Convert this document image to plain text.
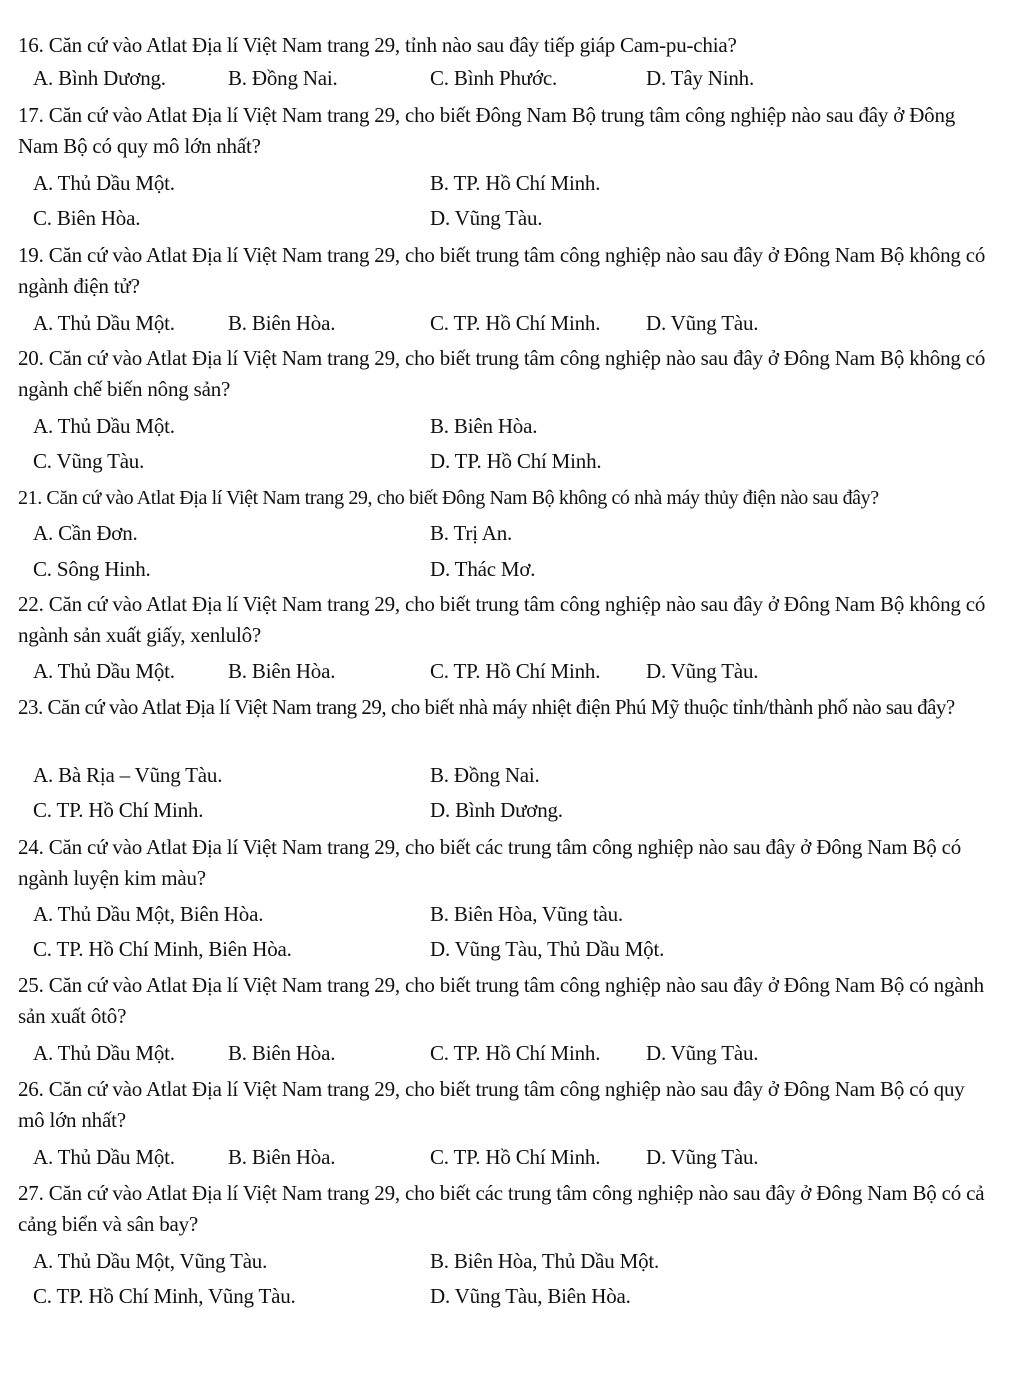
16. Căn cứ vào Atlat Địa lí Việt Nam trang 29, tỉnh nào sau đây tiếp giáp Cam-pu-chia?

A. Bình Dương.	B. Đồng Nai.	C. Bình Phước.	D. Tây Ninh.

17. Căn cứ vào Atlat Địa lí Việt Nam trang 29, cho biết Đông Nam Bộ trung tâm công nghiệp nào sau đây ở Đông Nam Bộ có quy mô lớn nhất?

A. Thủ Dầu Một.	B. TP. Hồ Chí Minh.
C. Biên Hòa.	D. Vũng Tàu.

19. Căn cứ vào Atlat Địa lí Việt Nam trang 29, cho biết trung tâm công nghiệp nào sau đây ở Đông Nam Bộ không có ngành điện tử?

A. Thủ Dầu Một.	B. Biên Hòa.	C. TP. Hồ Chí Minh. D. Vũng Tàu.

20. Căn cứ vào Atlat Địa lí Việt Nam trang 29, cho biết trung tâm công nghiệp nào sau đây ở Đông Nam Bộ không có ngành chế biến nông sản?

A. Thủ Dầu Một.	B. Biên Hòa.
C. Vũng Tàu.	D. TP. Hồ Chí Minh.

21. Căn cứ vào Atlat Địa lí Việt Nam trang 29, cho biết Đông Nam Bộ không có nhà máy thủy điện nào sau đây?

A. Cần Đơn.	B. Trị An.
C. Sông Hinh.	D. Thác Mơ.

22. Căn cứ vào Atlat Địa lí Việt Nam trang 29, cho biết trung tâm công nghiệp nào sau đây ở Đông Nam Bộ không có ngành sản xuất giấy, xenlulô?

A. Thủ Dầu Một.	B. Biên Hòa.	C. TP. Hồ Chí Minh. D. Vũng Tàu.

23. Căn cứ vào Atlat Địa lí Việt Nam trang 29, cho biết nhà máy nhiệt điện Phú Mỹ thuộc tỉnh/thành phố nào sau đây?

A. Bà Rịa – Vũng Tàu.	B. Đồng Nai.
C. TP. Hồ Chí Minh.	D. Bình Dương.

24. Căn cứ vào Atlat Địa lí Việt Nam trang 29, cho biết các trung tâm công nghiệp nào sau đây ở Đông Nam Bộ có ngành luyện kim màu?

A. Thủ Dầu Một, Biên Hòa.	B. Biên Hòa, Vũng tàu.
C. TP. Hồ Chí Minh, Biên Hòa.	D. Vũng Tàu, Thủ Dầu Một.

25. Căn cứ vào Atlat Địa lí Việt Nam trang 29, cho biết trung tâm công nghiệp nào sau đây ở Đông Nam Bộ có ngành sản xuất ôtô?

A. Thủ Dầu Một.	B. Biên Hòa.	C. TP. Hồ Chí Minh. D. Vũng Tàu.

26. Căn cứ vào Atlat Địa lí Việt Nam trang 29, cho biết trung tâm công nghiệp nào sau đây ở Đông Nam Bộ có quy mô lớn nhất?

A. Thủ Dầu Một.	B. Biên Hòa.	C. TP. Hồ Chí Minh. D. Vũng Tàu.

27. Căn cứ vào Atlat Địa lí Việt Nam trang 29, cho biết các trung tâm công nghiệp nào sau đây ở Đông Nam Bộ có cả cảng biển và sân bay?

A. Thủ Dầu Một, Vũng Tàu.	B. Biên Hòa, Thủ Dầu Một.
C. TP. Hồ Chí Minh, Vũng Tàu.	D. Vũng Tàu, Biên Hòa.
